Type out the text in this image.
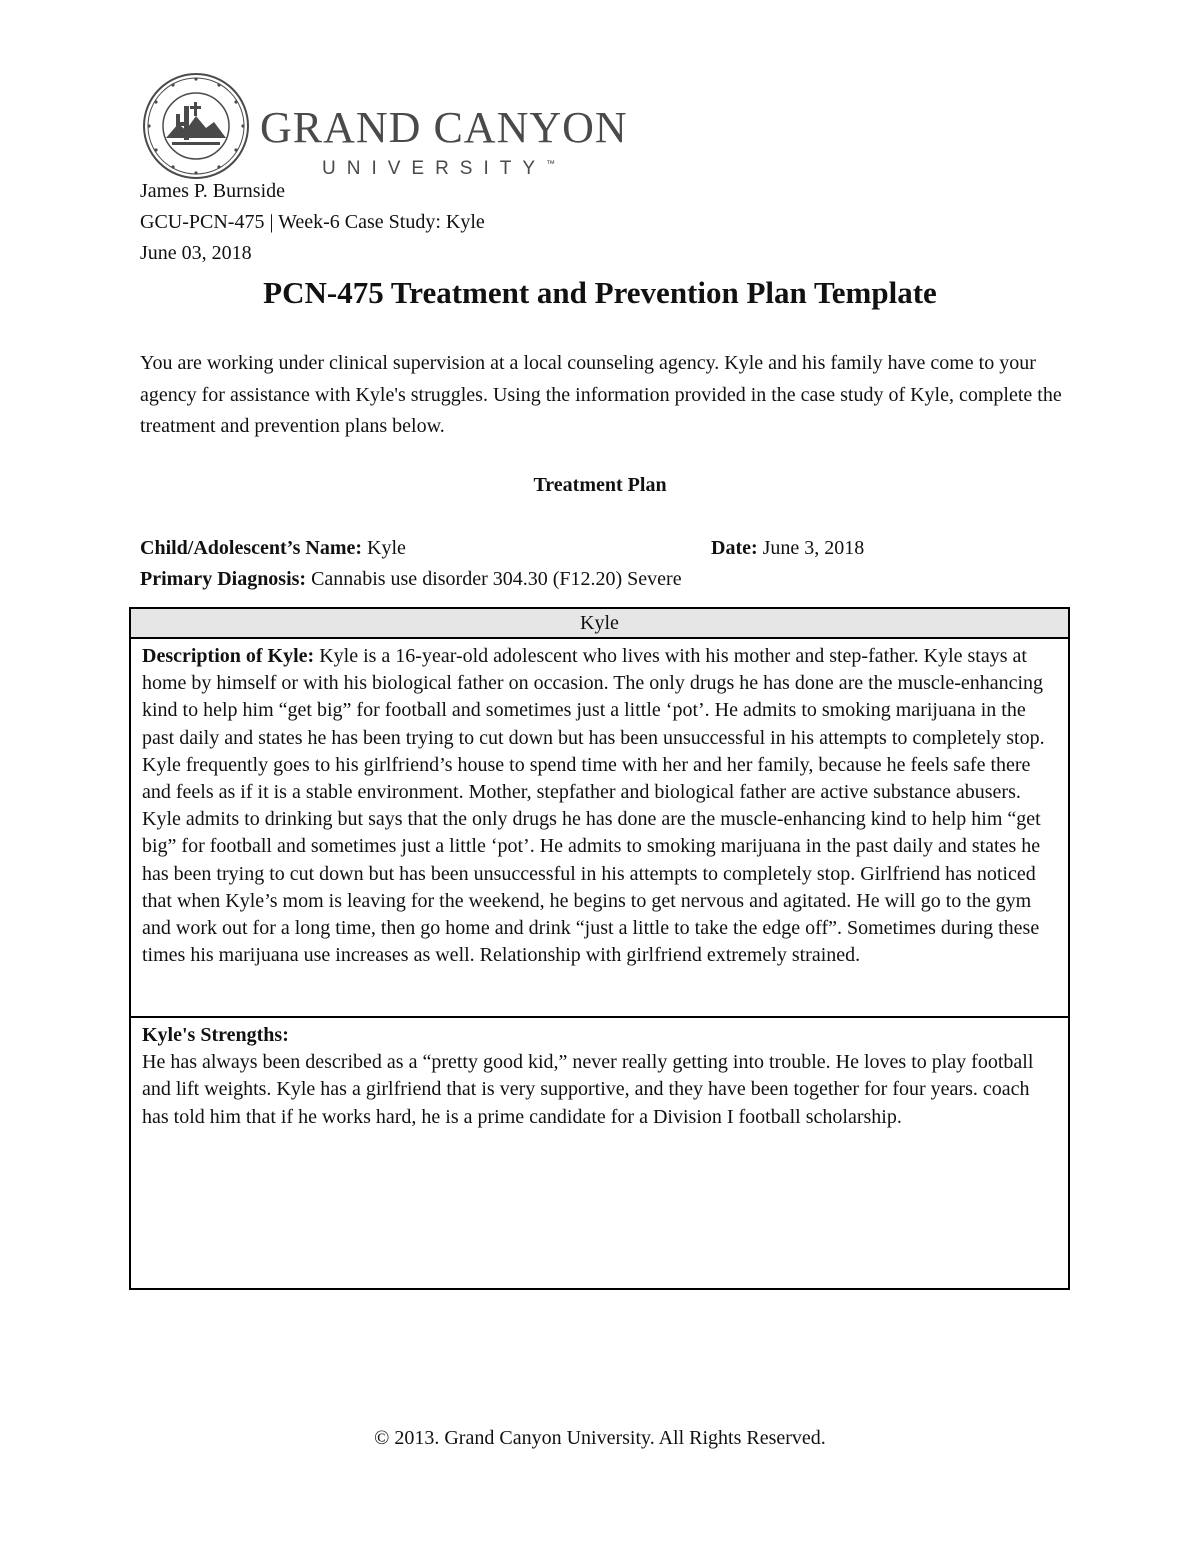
GRAND CANYON
UNIVERSITY™
James P. Burnside
GCU-PCN-475 | Week-6 Case Study: Kyle
June 03, 2018
PCN-475 Treatment and Prevention Plan Template
You are working under clinical supervision at a local counseling agency. Kyle and his family have come to your agency for assistance with Kyle's struggles. Using the information provided in the case study of Kyle, complete the treatment and prevention plans below.
Treatment Plan
Child/Adolescent’s Name: Kyle	Date: June 3, 2018
Primary Diagnosis: Cannabis use disorder 304.30 (F12.20) Severe
Kyle
Description of Kyle: Kyle is a 16-year-old adolescent who lives with his mother and step-father. Kyle stays at home by himself or with his biological father on occasion. The only drugs he has done are the muscle-enhancing kind to help him “get big” for football and sometimes just a little ‘pot’. He admits to smoking marijuana in the past daily and states he has been trying to cut down but has been unsuccessful in his attempts to completely stop. Kyle frequently goes to his girlfriend’s house to spend time with her and her family, because he feels safe there and feels as if it is a stable environment. Mother, stepfather and biological father are active substance abusers. Kyle admits to drinking but says that the only drugs he has done are the muscle-enhancing kind to help him “get big” for football and sometimes just a little ‘pot’. He admits to smoking marijuana in the past daily and states he has been trying to cut down but has been unsuccessful in his attempts to completely stop. Girlfriend has noticed that when Kyle’s mom is leaving for the weekend, he begins to get nervous and agitated. He will go to the gym and work out for a long time, then go home and drink “just a little to take the edge off”. Sometimes during these times his marijuana use increases as well. Relationship with girlfriend extremely strained.
Kyle's Strengths:
He has always been described as a “pretty good kid,” never really getting into trouble. He loves to play football and lift weights. Kyle has a girlfriend that is very supportive, and they have been together for four years. coach has told him that if he works hard, he is a prime candidate for a Division I football scholarship.
© 2013. Grand Canyon University. All Rights Reserved.
